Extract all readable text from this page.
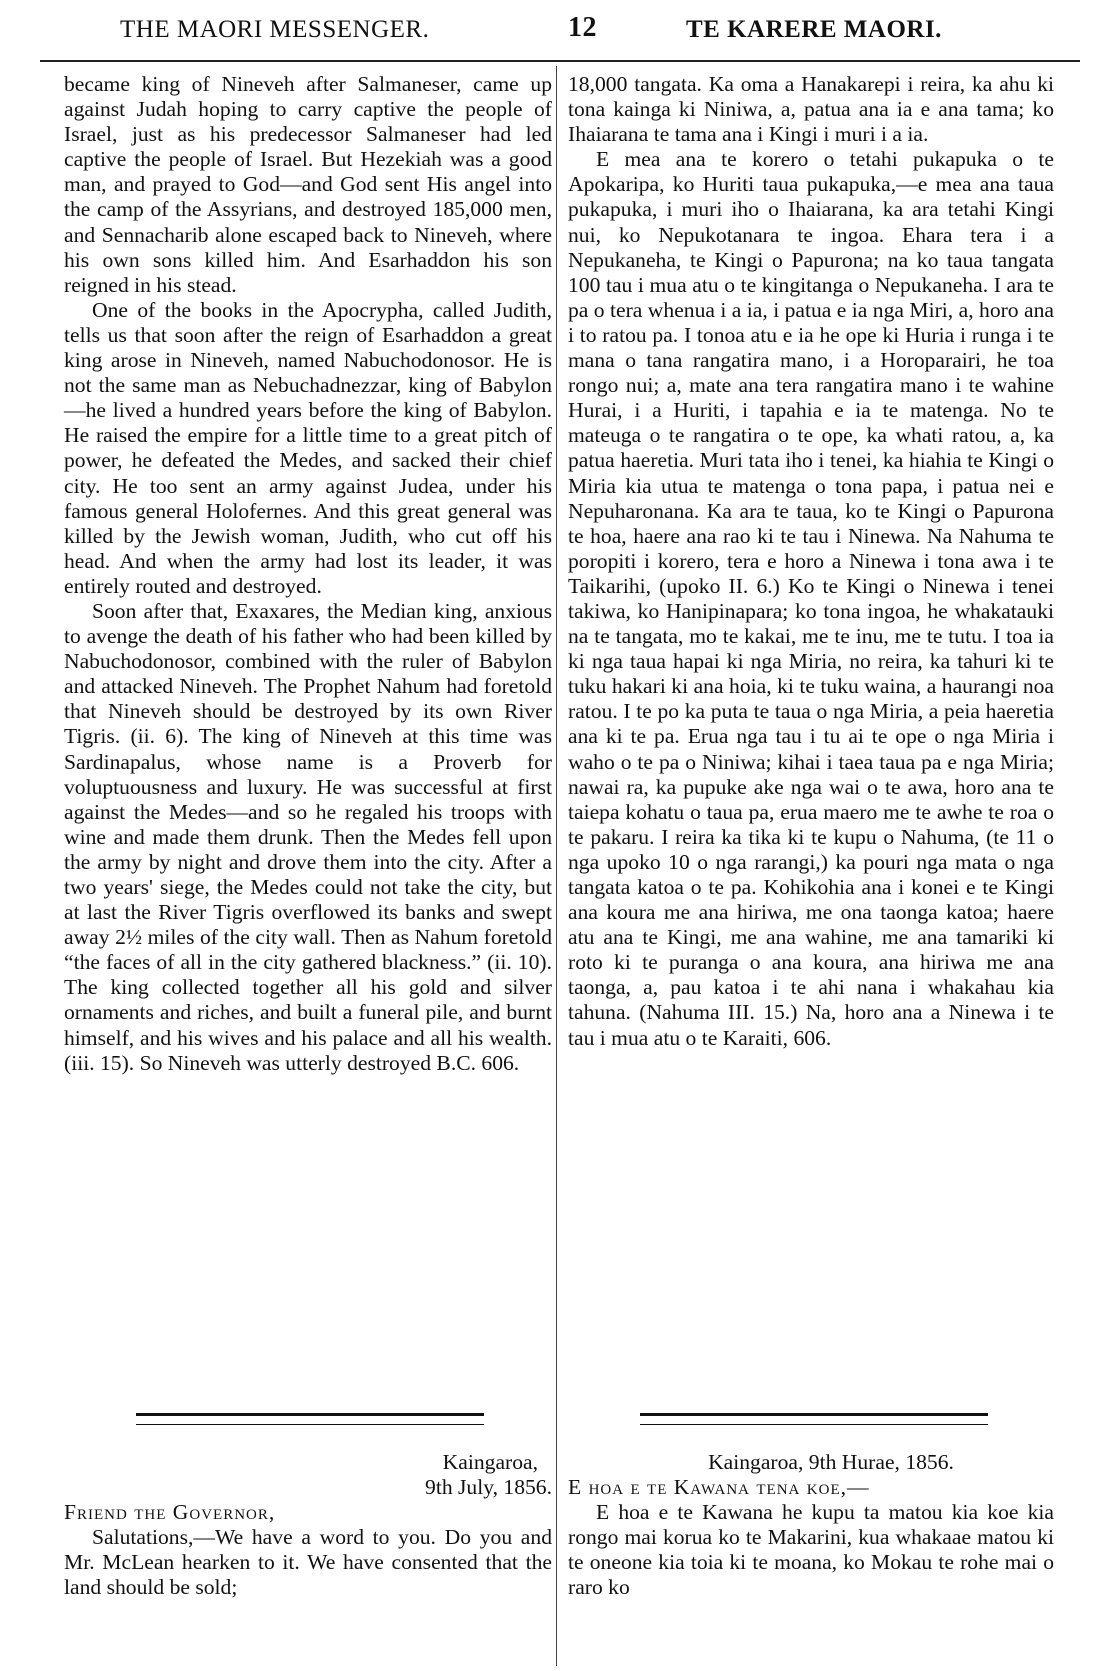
THE MAORI MESSENGER.	12	TE KARERE MAORI.

became king of Nineveh after Salmaneser, came up against Judah hoping to carry captive the people of Israel, just as his predecessor Salmaneser had led captive the people of Israel. But Hezekiah was a good man, and prayed to God—and God sent His angel into the camp of the Assyrians, and destroyed 185,000 men, and Sennacharib alone escaped back to Nineveh, where his own sons killed him. And Esarhaddon his son reigned in his stead.

One of the books in the Apocrypha, called Judith, tells us that soon after the reign of Esarhaddon a great king arose in Nineveh, named Nabuchodonosor. He is not the same man as Nebuchadnezzar, king of Babylon—he lived a hundred years before the king of Babylon. He raised the empire for a little time to a great pitch of power, he defeated the Medes, and sacked their chief city. He too sent an army against Judea, under his famous general Holofernes. And this great general was killed by the Jewish woman, Judith, who cut off his head. And when the army had lost its leader, it was entirely routed and destroyed.

Soon after that, Exaxares, the Median king, anxious to avenge the death of his father who had been killed by Nabuchodonosor, combined with the ruler of Babylon and attacked Nineveh. The Prophet Nahum had foretold that Nineveh should be destroyed by its own River Tigris. (ii. 6). The king of Nineveh at this time was Sardinapalus, whose name is a Proverb for voluptuousness and luxury. He was successful at first against the Medes—and so he regaled his troops with wine and made them drunk. Then the Medes fell upon the army by night and drove them into the city. After a two years' siege, the Medes could not take the city, but at last the River Tigris overflowed its banks and swept away 2½ miles of the city wall. Then as Nahum foretold “the faces of all in the city gathered blackness.” (ii. 10). The king collected together all his gold and silver ornaments and riches, and built a funeral pile, and burnt himself, and his wives and his palace and all his wealth. (iii. 15). So Nineveh was utterly destroyed B.C. 606.

18,000 tangata. Ka oma a Hanakarepi i reira, ka ahu ki tona kainga ki Niniwa, a, patua ana ia e ana tama; ko Ihaiarana te tama ana i Kingi i muri i a ia.

E mea ana te korero o tetahi pukapuka o te Apokaripa, ko Huriti taua pukapuka,—e mea ana taua pukapuka, i muri iho o Ihaiarana, ka ara tetahi Kingi nui, ko Nepukotanara te ingoa. Ehara tera i a Nepukaneha, te Kingi o Papurona; na ko taua tangata 100 tau i mua atu o te kingitanga o Nepukaneha. I ara te pa o tera whenua i a ia, i patua e ia nga Miri, a, horo ana i to ratou pa. I tonoa atu e ia he ope ki Huria i runga i te mana o tana rangatira mano, i a Horoparairi, he toa rongo nui; a, mate ana tera rangatira mano i te wahine Hurai, i a Huriti, i tapahia e ia te matenga. No te mateuga o te rangatira o te ope, ka whati ratou, a, ka patua haeretia. Muri tata iho i tenei, ka hiahia te Kingi o Miria kia utua te matenga o tona papa, i patua nei e Nepuharonana. Ka ara te taua, ko te Kingi o Papurona te hoa, haere ana rao ki te tau i Ninewa. Na Nahuma te poropiti i korero, tera e horo a Ninewa i tona awa i te Taikarihi, (upoko II. 6.) Ko te Kingi o Ninewa i tenei takiwa, ko Hanipinapara; ko tona ingoa, he whakatauki na te tangata, mo te kakai, me te inu, me te tutu. I toa ia ki nga taua hapai ki nga Miria, no reira, ka tahuri ki te tuku hakari ki ana hoia, ki te tuku waina, a haurangi noa ratou. I te po ka puta te taua o nga Miria, a peia haeretia ana ki te pa. Erua nga tau i tu ai te ope o nga Miria i waho o te pa o Niniwa; kihai i taea taua pa e nga Miria; nawai ra, ka pupuke ake nga wai o te awa, horo ana te taiepa kohatu o taua pa, erua maero me te awhe te roa o te pakaru. I reira ka tika ki te kupu o Nahuma, (te 11 o nga upoko 10 o nga rarangi,) ka pouri nga mata o nga tangata katoa o te pa. Kohikohia ana i konei e te Kingi ana koura me ana hiriwa, me ona taonga katoa; haere atu ana te Kingi, me ana wahine, me ana tamariki ki roto ki te puranga o ana koura, ana hiriwa me ana taonga, a, pau katoa i te ahi nana i whakahau kia tahuna. (Nahuma III. 15.) Na, horo ana a Ninewa i te tau i mua atu o te Karaiti, 606.

Kaingaroa,
9th July, 1856.
Friend the Governor,

Salutations,—We have a word to you. Do you and Mr. McLean hearken to it. We have consented that the land should be sold;

Kaingaroa, 9th Hurae, 1856.
E hoa e te Kawana tena koe,—

E hoa e te Kawana he kupu ta matou kia koe kia rongo mai korua ko te Makarini, kua whakaae matou ki te oneone kia toia ki te moana, ko Mokau te rohe mai o raro ko
